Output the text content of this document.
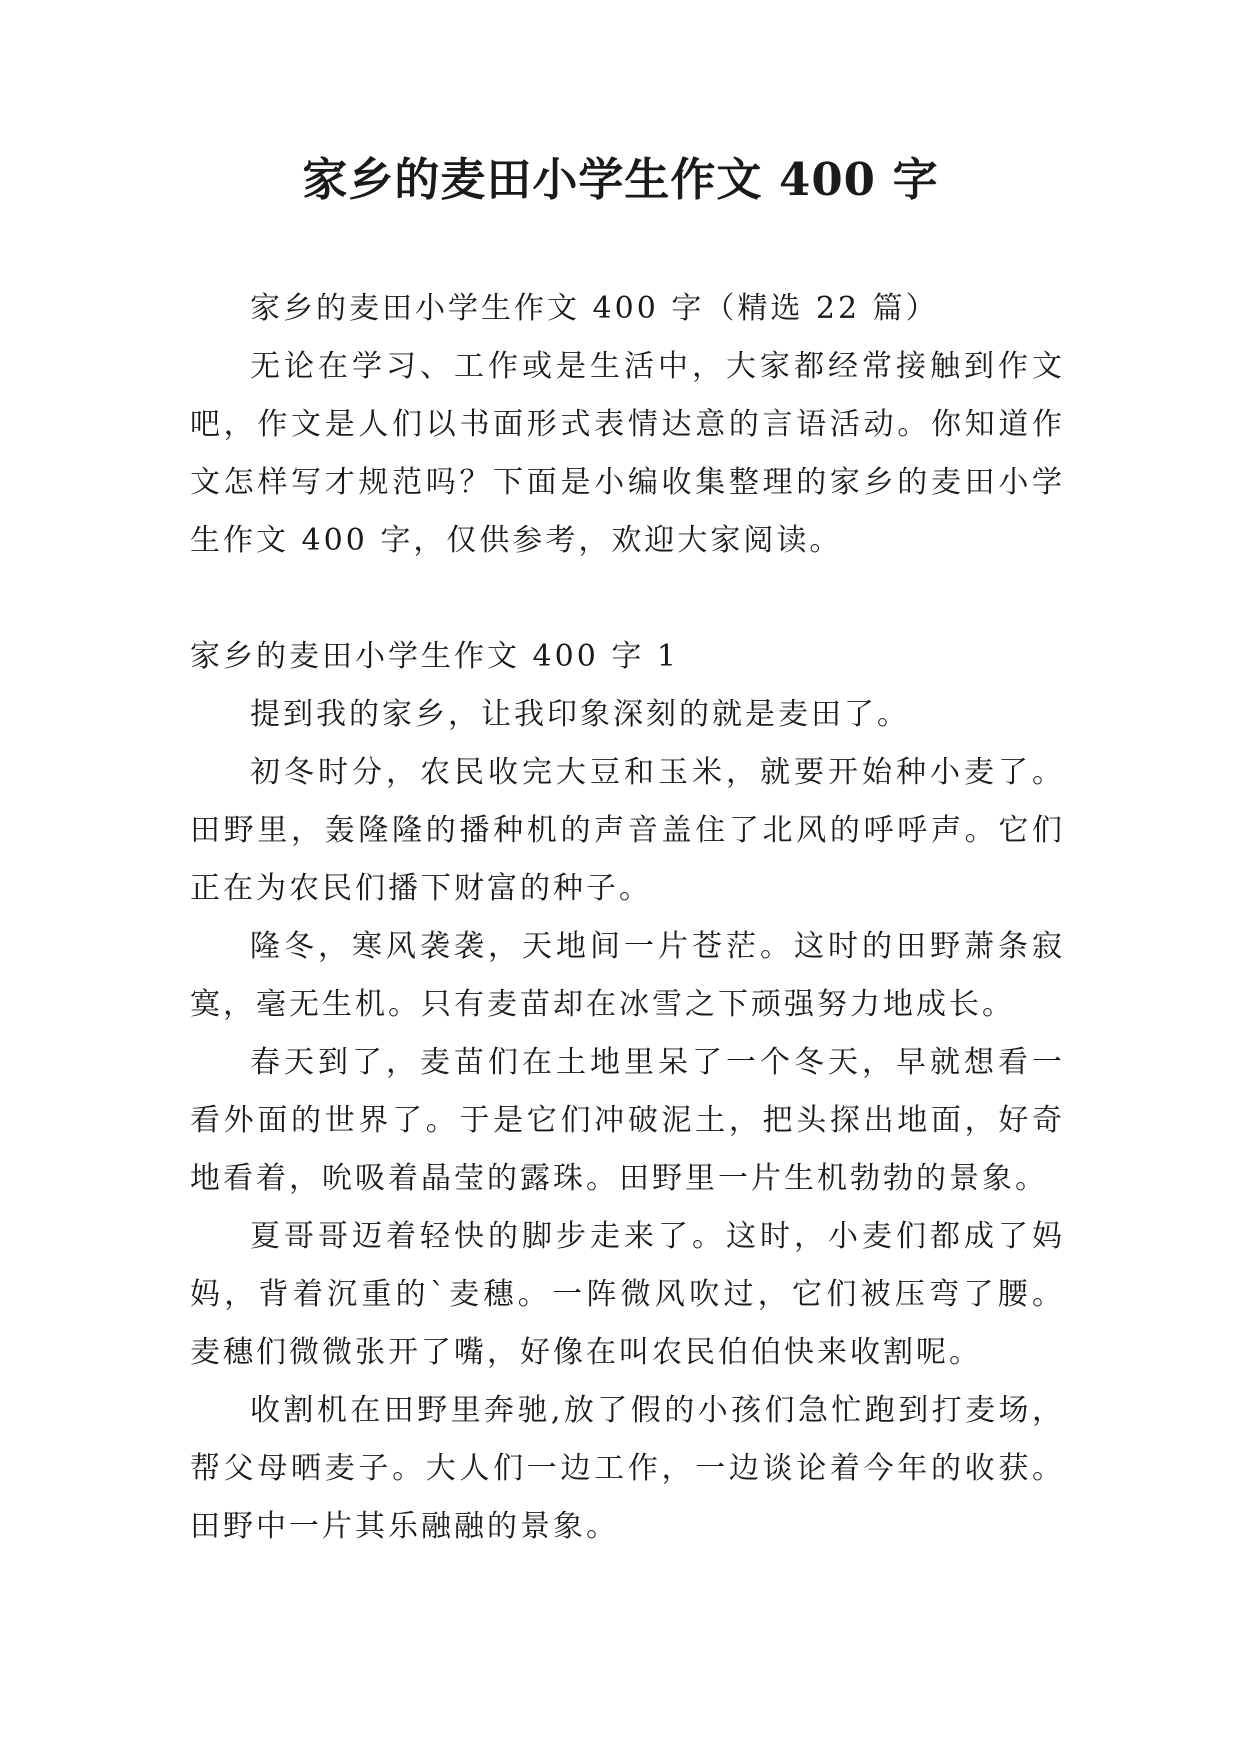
家乡的麦田小学生作文 400 字

家乡的麦田小学生作文 400 字（精选 22 篇）

无论在学习、工作或是生活中，大家都经常接触到作文吧，作文是人们以书面形式表情达意的言语活动。你知道作文怎样写才规范吗？下面是小编收集整理的家乡的麦田小学生作文 400 字，仅供参考，欢迎大家阅读。

家乡的麦田小学生作文 400 字 1

提到我的家乡，让我印象深刻的就是麦田了。

初冬时分，农民收完大豆和玉米，就要开始种小麦了。田野里，轰隆隆的播种机的声音盖住了北风的呼呼声。它们正在为农民们播下财富的种子。

隆冬，寒风袭袭，天地间一片苍茫。这时的田野萧条寂寞，毫无生机。只有麦苗却在冰雪之下顽强努力地成长。

春天到了，麦苗们在土地里呆了一个冬天，早就想看一看外面的世界了。于是它们冲破泥土，把头探出地面，好奇地看着，吮吸着晶莹的露珠。田野里一片生机勃勃的景象。

夏哥哥迈着轻快的脚步走来了。这时，小麦们都成了妈妈，背着沉重的`麦穗。一阵微风吹过，它们被压弯了腰。麦穗们微微张开了嘴，好像在叫农民伯伯快来收割呢。

收割机在田野里奔驰,放了假的小孩们急忙跑到打麦场，帮父母晒麦子。大人们一边工作，一边谈论着今年的收获。田野中一片其乐融融的景象。
